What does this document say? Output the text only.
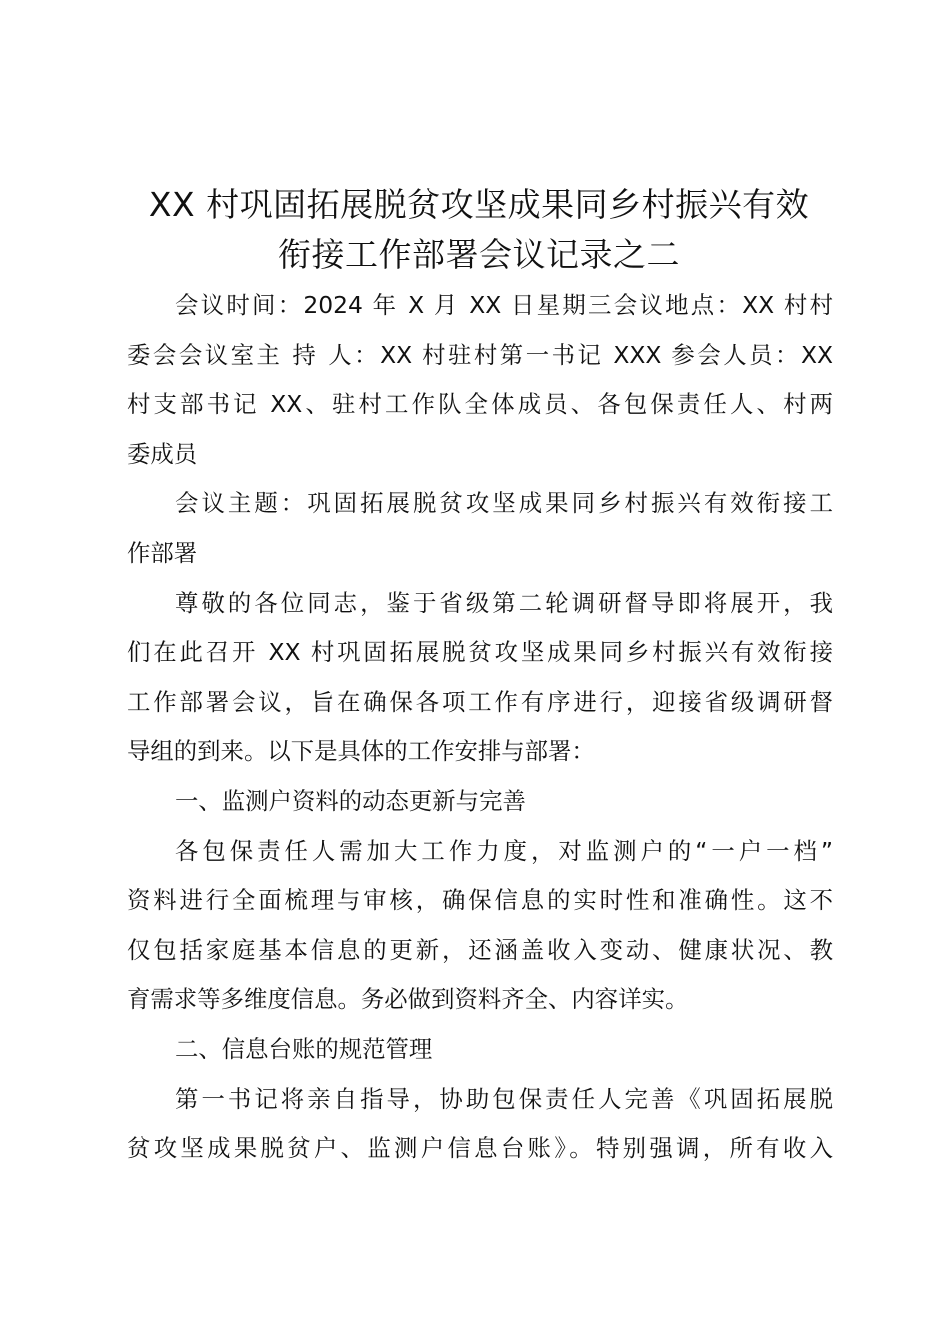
XX 村巩固拓展脱贫攻坚成果同乡村振兴有效
衔接工作部署会议记录之二
会议时间：2024 年 X 月 XX 日星期三会议地点：XX 村村
委会会议室主 持 人：XX 村驻村第一书记 XXX 参会人员：XX
村支部书记 XX、驻村工作队全体成员、各包保责任人、村两
委成员
会议主题：巩固拓展脱贫攻坚成果同乡村振兴有效衔接工
作部署
尊敬的各位同志，鉴于省级第二轮调研督导即将展开，我
们在此召开 XX 村巩固拓展脱贫攻坚成果同乡村振兴有效衔接
工作部署会议，旨在确保各项工作有序进行，迎接省级调研督
导组的到来。以下是具体的工作安排与部署：
一、监测户资料的动态更新与完善
各包保责任人需加大工作力度，对监测户的“一户一档”
资料进行全面梳理与审核，确保信息的实时性和准确性。这不
仅包括家庭基本信息的更新，还涵盖收入变动、健康状况、教
育需求等多维度信息。务必做到资料齐全、内容详实。
二、信息台账的规范管理
第一书记将亲自指导，协助包保责任人完善《巩固拓展脱
贫攻坚成果脱贫户、监测户信息台账》。特别强调，所有收入
